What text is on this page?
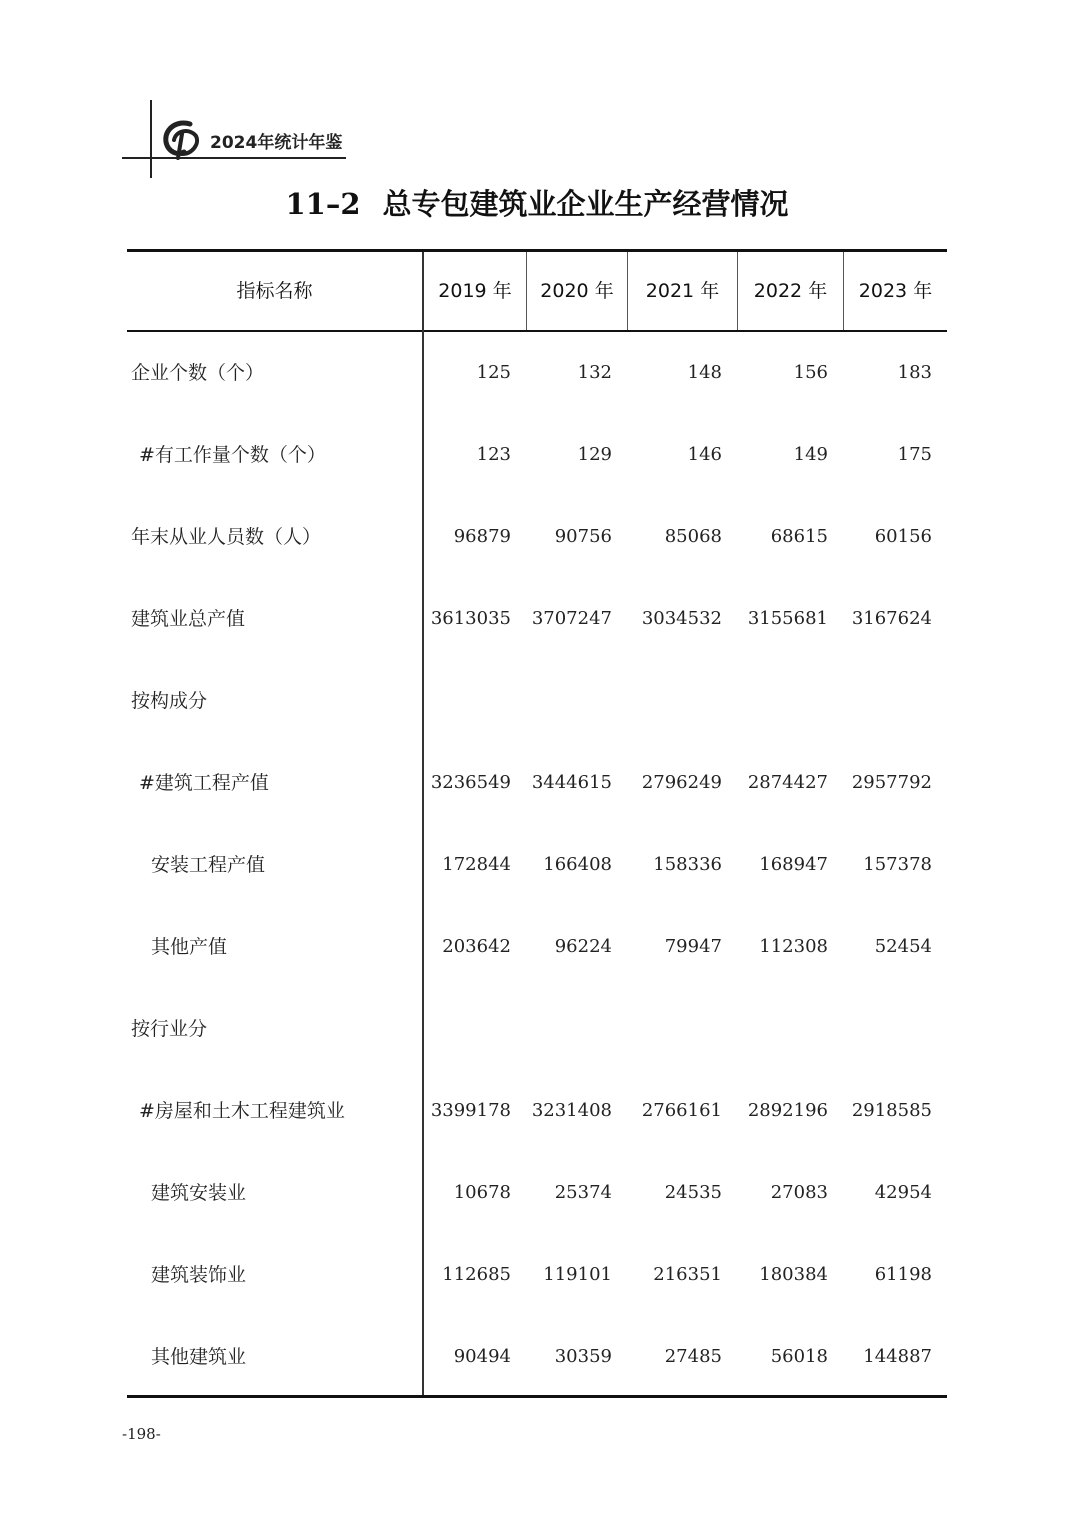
2024年统计年鉴
11–2 总专包建筑业企业生产经营情况
指标名称	2019 年	2020 年	2021 年	2022 年	2023 年
企业个数（个）	125	132	148	156	183
#有工作量个数（个）	123	129	146	149	175
年末从业人员数（人）	96879	90756	85068	68615	60156
建筑业总产值	3613035	3707247	3034532	3155681	3167624
按构成分
#建筑工程产值	3236549	3444615	2796249	2874427	2957792
安装工程产值	172844	166408	158336	168947	157378
其他产值	203642	96224	79947	112308	52454
按行业分
#房屋和土木工程建筑业	3399178	3231408	2766161	2892196	2918585
建筑安装业	10678	25374	24535	27083	42954
建筑装饰业	112685	119101	216351	180384	61198
其他建筑业	90494	30359	27485	56018	144887
-198-
